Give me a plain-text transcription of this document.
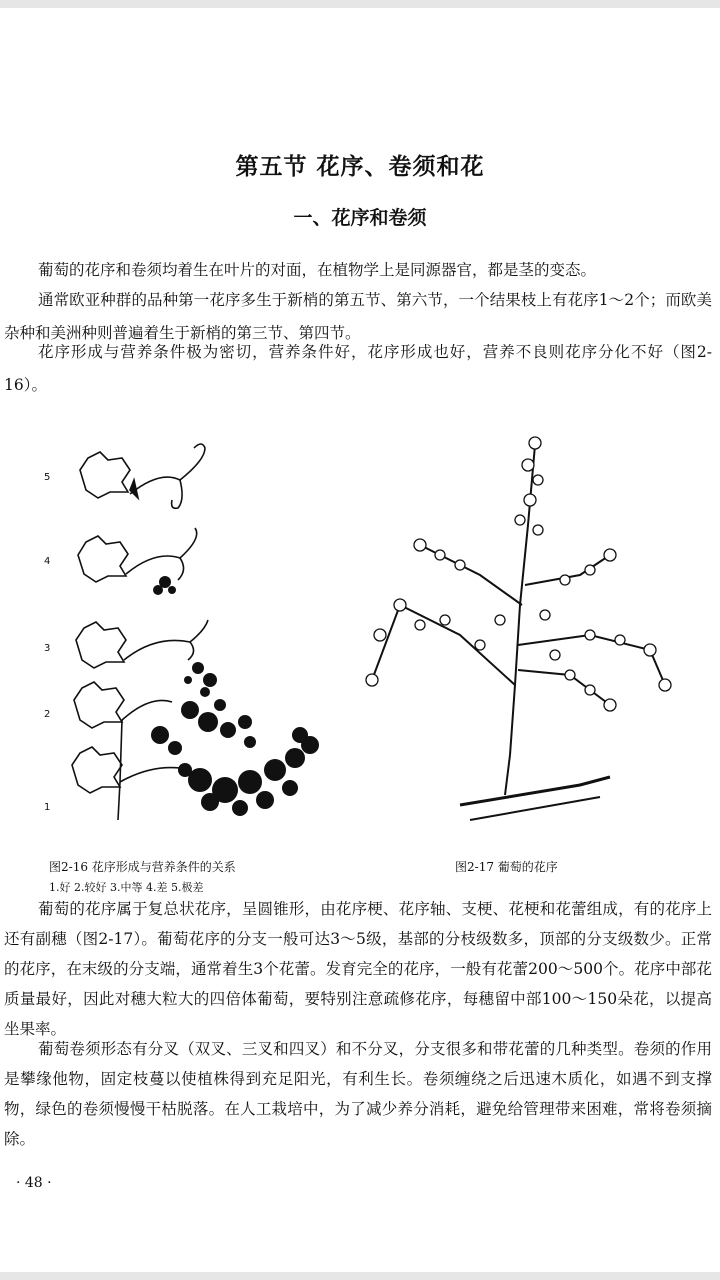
第五节 花序、卷须和花
一、花序和卷须

葡萄的花序和卷须均着生在叶片的对面，在植物学上是同源器官，都是茎的变态。

通常欧亚种群的品种第一花序多生于新梢的第五节、第六节，一个结果枝上有花序1～2个；而欧美杂种和美洲种则普遍着生于新梢的第三节、第四节。

花序形成与营养条件极为密切，营养条件好，花序形成也好，营养不良则花序分化不好（图2-16）。

5
4
3
2
1
图2-16 花序形成与营养条件的关系
1.好 2.较好 3.中等 4.差 5.极差
图2-17 葡萄的花序

葡萄的花序属于复总状花序，呈圆锥形，由花序梗、花序轴、支梗、花梗和花蕾组成，有的花序上还有副穗（图2-17）。葡萄花序的分支一般可达3～5级，基部的分枝级数多，顶部的分支级数少。正常的花序，在末级的分支端，通常着生3个花蕾。发育完全的花序，一般有花蕾200～500个。花序中部花质量最好，因此对穗大粒大的四倍体葡萄，要特别注意疏修花序，每穗留中部100～150朵花，以提高坐果率。

葡萄卷须形态有分叉（双叉、三叉和四叉）和不分叉，分支很多和带花蕾的几种类型。卷须的作用是攀缘他物，固定枝蔓以使植株得到充足阳光，有利生长。卷须缠绕之后迅速木质化，如遇不到支撑物，绿色的卷须慢慢干枯脱落。在人工栽培中，为了减少养分消耗，避免给管理带来困难，常将卷须摘除。

· 48 ·
